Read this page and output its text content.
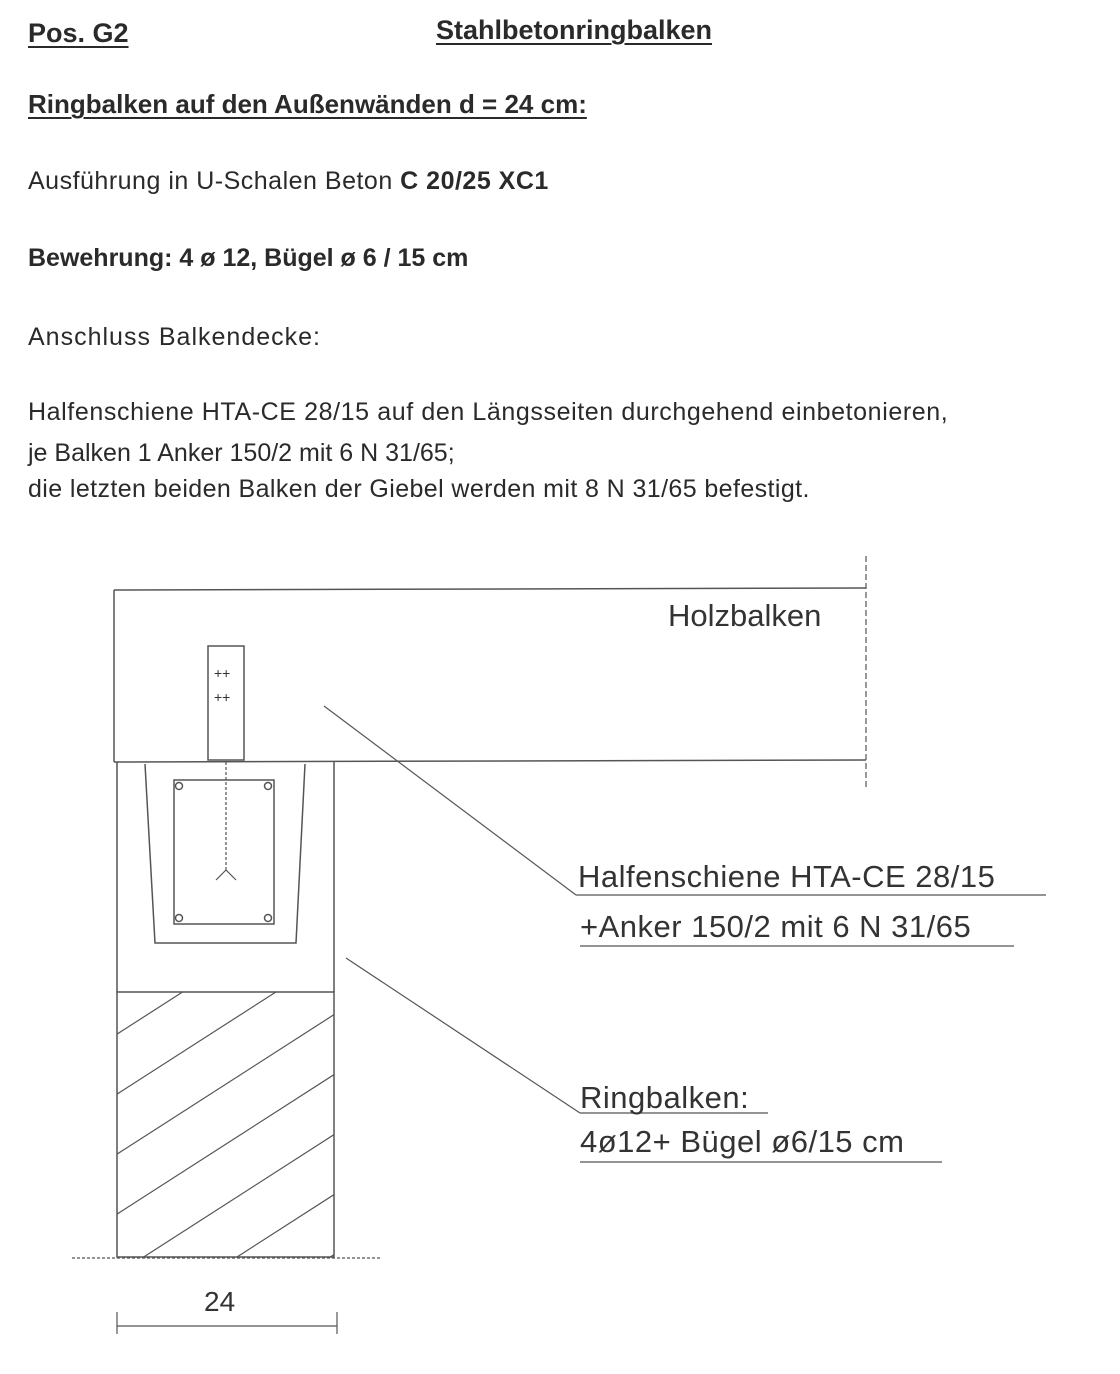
Pos. G2	Stahlbetonringbalken
Ringbalken auf den Außenwänden d = 24 cm:
Ausführung in U-Schalen Beton C 20/25 XC1
Bewehrung: 4 ø 12, Bügel ø 6 / 15 cm
Anschluss Balkendecke:
Halfenschiene HTA-CE 28/15 auf den Längsseiten durchgehend einbetonieren,
je Balken 1 Anker 150/2 mit 6 N 31/65;
die letzten beiden Balken der Giebel werden mit 8 N 31/65 befestigt.
Holzbalken
++
++
24
Halfenschiene HTA-CE 28/15
+Anker 150/2 mit 6 N 31/65
Ringbalken:
4ø12+ Bügel ø6/15 cm
